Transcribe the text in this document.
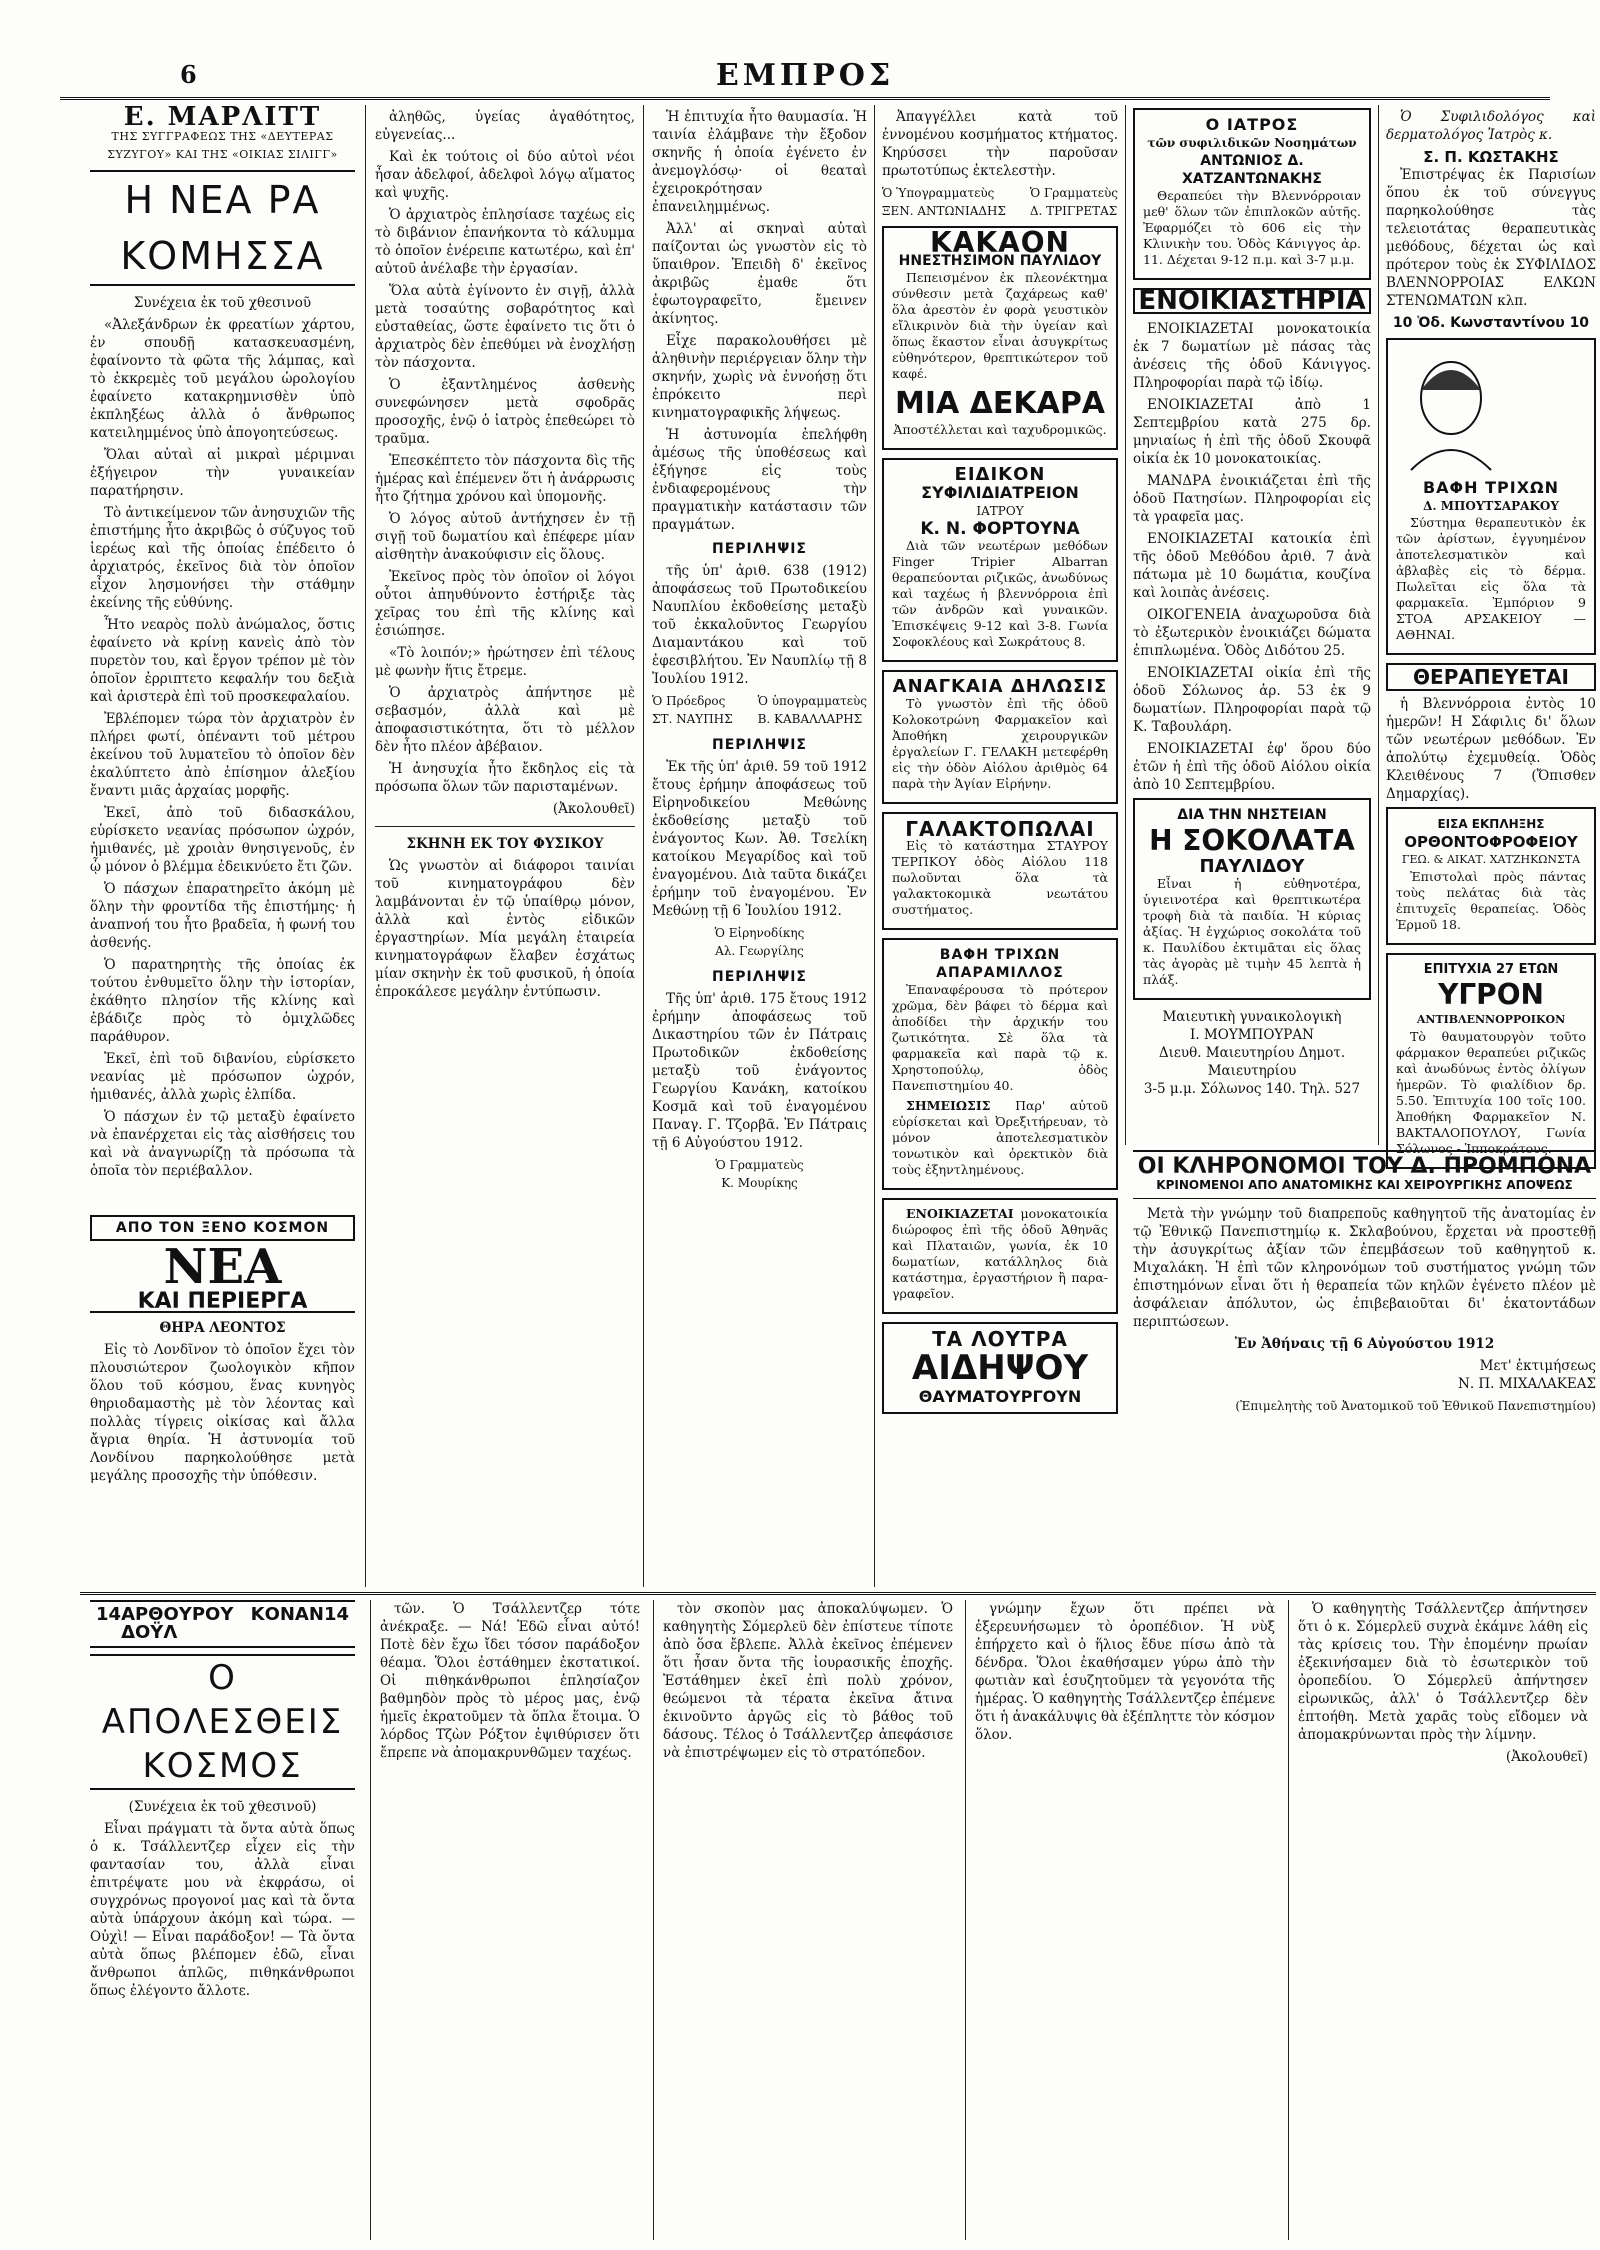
6	ΕΜΠΡΟΣ
Ε. ΜΑΡΛΙΤΤ
ΤΗΣ ΣΥΓΓΡΑΦΕΩΣ ΤΗΣ «ΔΕΥΤΕΡΑΣ ΣΥΖΥΓΟΥ» ΚΑΙ ΤΗΣ «ΟΙΚΙΑΣ ΣΙΛΙΓΓ»
Η ΝΕΑ ΡΑ ΚΟΜΗΣΣΑ

Συνέχεια ἐκ τοῦ χθεσινοῦ

«Ἀλεξάνδρων ἐκ φρεατίων χάρτου, ἐν σπουδῇ κατασκευασμένη, ἐφαίνοντο τὰ φῶτα τῆς λάμπας, καὶ τὸ ἐκκρεμὲς τοῦ μεγάλου ὡρολογίου ἐφαίνετο κατακρημνισθὲν ὑπὸ ἐκπληξέως ἀλλὰ ὁ ἄνθρωπος κατειλημμένος ὑπὸ ἀπογοητεύσεως.

Ὅλαι αὐταὶ αἱ μικραὶ μέριμναι ἐξήγειρον τὴν γυναικείαν παρατήρησιν.

Τὸ ἀντικείμενον τῶν ἀνησυχιῶν τῆς ἐπιστήμης ἦτο ἀκριβῶς ὁ σύζυγος τοῦ ἱερέως καὶ τῆς ὁποίας ἐπέδειτο ὁ ἀρχιατρός, ἐκεῖνος διὰ τὸν ὁποῖον εἶχον λησμονήσει τὴν στάθμην ἐκείνης τῆς εὐθύνης.

Ἦτο νεαρὸς πολὺ ἀνώμαλος, ὅστις ἐφαίνετο νὰ κρίνῃ κανεὶς ἀπὸ τὸν πυρετὸν του, καὶ ἔργον τρέπον μὲ τὸν ὁποῖον ἐρριπτετο κεφαλήν του δεξιὰ καὶ ἀριστερὰ ἐπὶ τοῦ προσκεφαλαίου.

Ἐβλέπομεν τώρα τὸν ἀρχιατρὸν ἐν πλήρει φωτί, ὀπέναντι τοῦ μέτρου ἐκείνου τοῦ λυματεῖου τὸ ὁποῖον δὲν ἐκαλύπτετο ἀπὸ ἐπίσημον ἀλεξίου ἔναντι μιᾶς ἀρχαίας μορφῆς.

Ἐκεῖ, ἀπὸ τοῦ διδασκάλου, εὑρίσκετο νεανίας πρόσωπον ὠχρόν, ἡμιθανές, μὲ χροιὰν θνησιγενοῦς, ἐν ᾧ μόνον ὁ βλέμμα ἐδεικνύετο ἔτι ζῶν.

Ὁ πάσχων ἐπαρατηρεῖτο ἀκόμη μὲ ὅλην τὴν φροντίδα τῆς ἐπιστήμης· ἡ ἀναπνοή του ἦτο βραδεῖα, ἡ φωνή του ἀσθενής.

Ὁ παρατηρητὴς τῆς ὁποίας ἐκ τούτου ἐνθυμεῖτο ὅλην τὴν ἱστορίαν, ἐκάθητο πλησίον τῆς κλίνης καὶ ἐβάδιζε πρὸς τὸ ὁμιχλῶδες παράθυρον.

Ἐκεῖ, ἐπὶ τοῦ διβανίου, εὑρίσκετο νεανίας μὲ πρόσωπον ὠχρόν, ἡμιθανές, ἀλλὰ χωρὶς ἐλπίδα.

Ὁ πάσχων ἐν τῷ μεταξὺ ἐφαίνετο νὰ ἐπανέρχεται εἰς τὰς αἰσθήσεις του καὶ νὰ ἀναγνωρίζῃ τὰ πρόσωπα τὰ ὁποῖα τὸν περιέβαλλον.

ΑΠΟ ΤΟΝ ΞΕΝΟ ΚΟΣΜΟΝ
ΝΕΑ
ΚΑΙ ΠΕΡΙΕΡΓΑ

ΘΗΡΑ ΛΕΟΝΤΟΣ

Εἰς τὸ Λονδῖνον τὸ ὁποῖον ἔχει τὸν πλουσιώτερον ζωολογικὸν κῆπον ὅλου τοῦ κόσμου, ἕνας κυνηγὸς θηριοδαμαστὴς μὲ τὸν λέοντας καὶ πολλὰς τίγρεις οἰκίσας καὶ ἄλλα ἄγρια θηρία. Ἡ ἀστυνομία τοῦ Λονδίνου παρηκολούθησε μετὰ μεγάλης προσοχῆς τὴν ὑπόθεσιν.

ἀληθῶς, ὑγείας ἀγαθότητος, εὐγενείας...

Καὶ ἐκ τούτοις οἱ δύο αὐτοὶ νέοι ἦσαν ἀδελφοί, ἀδελφοὶ λόγῳ αἵματος καὶ ψυχῆς.

Ὁ ἀρχιατρὸς ἐπλησίασε ταχέως εἰς τὸ διβάνιον ἐπανήκοντα τὸ κάλυμμα τὸ ὁποῖον ἐνέρειπε κατωτέρω, καὶ ἐπ' αὐτοῦ ἀνέλαβε τὴν ἐργασίαν.

Ὅλα αὐτὰ ἐγίνοντο ἐν σιγῇ, ἀλλὰ μετὰ τοσαύτης σοβαρότητος καὶ εὐσταθείας, ὥστε ἐφαίνετο τις ὅτι ὁ ἀρχιατρὸς δὲν ἐπεθύμει νὰ ἐνοχλήσῃ τὸν πάσχοντα.

Ὁ ἐξαντλημένος ἀσθενὴς συνεφώνησεν μετὰ σφοδρᾶς προσοχῆς, ἐνῷ ὁ ἰατρὸς ἐπεθεώρει τὸ τραῦμα.

Ἐπεσκέπτετο τὸν πάσχοντα δὶς τῆς ἡμέρας καὶ ἐπέμενεν ὅτι ἡ ἀνάρρωσις ἦτο ζήτημα χρόνου καὶ ὑπομονῆς.

Ὁ λόγος αὐτοῦ ἀντήχησεν ἐν τῇ σιγῇ τοῦ δωματίου καὶ ἐπέφερε μίαν αἰσθητὴν ἀνακούφισιν εἰς ὅλους.

Ἐκεῖνος πρὸς τὸν ὁποῖον οἱ λόγοι οὗτοι ἀπηυθύνοντο ἐστήριξε τὰς χεῖρας του ἐπὶ τῆς κλίνης καὶ ἐσιώπησε.

«Τὸ λοιπόν;» ἠρώτησεν ἐπὶ τέλους μὲ φωνὴν ἥτις ἔτρεμε.

Ὁ ἀρχιατρὸς ἀπήντησε μὲ σεβασμόν, ἀλλὰ καὶ μὲ ἀποφασιστικότητα, ὅτι τὸ μέλλον δὲν ἦτο πλέον ἀβέβαιον.

Ἡ ἀνησυχία ἦτο ἔκδηλος εἰς τὰ πρόσωπα ὅλων τῶν παρισταμένων.

(Ἀκολουθεῖ)

ΣΚΗΝΗ ΕΚ ΤΟΥ ΦΥΣΙΚΟΥ

Ὡς γνωστὸν αἱ διάφοροι ταινίαι τοῦ κινηματογράφου δὲν λαμβάνονται ἐν τῷ ὑπαίθρῳ μόνον, ἀλλὰ καὶ ἐντὸς εἰδικῶν ἐργαστηρίων. Μία μεγάλη ἑταιρεία κινηματογράφων ἔλαβεν ἐσχάτως μίαν σκηνὴν ἐκ τοῦ φυσικοῦ, ἡ ὁποία ἐπροκάλεσε μεγάλην ἐντύπωσιν.

Ἡ ἐπιτυχία ἦτο θαυμασία. Ἡ ταινία ἐλάμβανε τὴν ἔξοδον σκηνῆς ἡ ὁποία ἐγένετο ἐν ἀνεμογλόσῳ· οἱ θεαταὶ ἐχειροκρότησαν ἐπανειλημμένως.

Ἀλλ' αἱ σκηναὶ αὐταὶ παίζονται ὡς γνωστὸν εἰς τὸ ὕπαιθρον. Ἐπειδὴ δ' ἐκεῖνος ἀκριβῶς ἐμαθε ὅτι ἐφωτογραφεῖτο, ἔμεινεν ἀκίνητος.

Εἶχε παρακολουθήσει μὲ ἀληθινὴν περιέργειαν ὅλην τὴν σκηνήν, χωρὶς νὰ ἐννοήσῃ ὅτι ἐπρόκειτο περὶ κινηματογραφικῆς λήψεως.

Ἡ ἀστυνομία ἐπελήφθη ἀμέσως τῆς ὑποθέσεως καὶ ἐξήγησε εἰς τοὺς ἐνδιαφερομένους τὴν πραγματικὴν κατάστασιν τῶν πραγμάτων.

ΠΕΡΙΛΗΨΙΣ

τῆς ὑπ' ἀριθ. 638 (1912) ἀποφάσεως τοῦ Πρωτοδικείου Ναυπλίου ἐκδοθείσης μεταξὺ τοῦ ἐκκαλοῦντος Γεωργίου Διαμαντάκου καὶ τοῦ ἐφεσιβλήτου. Ἐν Ναυπλίῳ τῇ 8 Ἰουλίου 1912.

Ὁ Πρόεδρος
ΣΤ. ΝΑΥΠΗΣ
Ὁ ὑπογραμματεὺς
Β. ΚΑΒΑΛΛΑΡΗΣ

ΠΕΡΙΛΗΨΙΣ

Ἐκ τῆς ὑπ' ἀριθ. 59 τοῦ 1912 ἔτους ἐρήμην ἀποφάσεως τοῦ Εἰρηνοδικείου Μεθώνης ἐκδοθείσης μεταξὺ τοῦ ἐνάγοντος Κων. Ἀθ. Τσελίκη κατοίκου Μεγαρίδος καὶ τοῦ ἐναγομένου. Διὰ ταῦτα δικάζει ἐρήμην τοῦ ἐναγομένου. Ἐν Μεθώνῃ τῇ 6 Ἰουλίου 1912.

Ὁ Εἰρηνοδίκης
Αλ. Γεωργίλης

ΠΕΡΙΛΗΨΙΣ

Τῆς ὑπ' ἀριθ. 175 ἔτους 1912 ἐρήμην ἀποφάσεως τοῦ Δικαστηρίου τῶν ἐν Πάτραις Πρωτοδικῶν ἐκδοθείσης μεταξὺ τοῦ ἐνάγοντος Γεωργίου Κανάκη, κατοίκου Κοσμᾶ καὶ τοῦ ἐναγομένου Παναγ. Γ. Τζορβᾶ. Ἐν Πάτραις τῇ 6 Αὐγούστου 1912.

Ὁ Γραμματεὺς
Κ. Μουρίκης

Ἀπαγγέλλει κατὰ τοῦ ἐννομένου κοσμήματος κτήματος. Κηρύσσει τὴν παροῦσαν πρωτοτύπως ἐκτελεστὴν.

Ὁ Ὑπογραμματεὺς
ΞΕΝ. ΑΝΤΩΝΙΑΔΗΣ
Ὁ Γραμματεὺς
Δ. ΤΡΙΓΡΕΤΑΣ
ΚΑΚΑΟΝ
ΗΝΕΣΤΗΣΙΜΟΝ ΠΑΥΛΙΔΟΥ

Πεπεισμένον ἐκ πλεονέκτημα σύνθεσιν μετὰ ζαχάρεως καθ' ὅλα ἀρεστὸν ἐν φορὰ γευστικὸν εἴλικρινὸν διὰ τὴν ὑγείαν καὶ ὅπως ἕκαστον εἶναι ἀσυγκρίτως εὐθηνότερον, θρεπτικώτερον τοῦ καφέ.

ΜΙΑ ΔΕΚΑΡΑ

Ἀποστέλλεται καὶ ταχυδρομικῶς.

ΕΙΔΙΚΟΝ
ΣΥΦΙΛΙΔΙΑΤΡΕΙΟΝ
ΙΑΤΡΟΥ
Κ. Ν. ΦΟΡΤΟΥΝΑ

Διὰ τῶν νεωτέρων μεθόδων Finger Tripier Albarran θεραπεύονται ριζικῶς, ἀνωδύνως καὶ ταχέως ἡ βλεννόρροια ἐπὶ τῶν ἀνδρῶν καὶ γυναικῶν. Ἐπισκέψεις 9-12 καὶ 3-8. Γωνία Σοφοκλέους καὶ Σωκράτους 8.

ΑΝΑΓΚΑΙΑ ΔΗΛΩΣΙΣ

Τὸ γνωστὸν ἐπὶ τῆς ὁδοῦ Κολοκοτρώνη Φαρμακεῖον καὶ Ἀποθήκη χειρουργικῶν ἐργαλείων Γ. ΓΕΛΑΚΗ μετεφέρθη εἰς τὴν ὁδὸν Αἰόλου ἀριθμὸς 64 παρὰ τὴν Ἁγίαν Εἰρήνην.

ΓΑΛΑΚΤΟΠΩΛΑΙ

Εἰς τὸ κατάστημα ΣΤΑΥΡΟΥ ΤΕΡΠΚΟΥ ὁδὸς Αἰόλου 118 πωλοῦνται ὅλα τὰ γαλακτοκομικὰ νεωτάτου συστήματος.

ΒΑΦΗ ΤΡΙΧΩΝ ΑΠΑΡΑΜΙΛΛΟΣ

Ἐπαναφέρουσα τὸ πρότερον χρῶμα, δὲν βάφει τὸ δέρμα καὶ ἀποδίδει τὴν ἀρχικήν του ζωτικότητα. Σὲ ὅλα τὰ φαρμακεῖα καὶ παρὰ τῷ κ. Χρηστοπούλῳ, ὁδὸς Πανεπιστημίου 40.

ΣΗΜΕΙΩΣΙΣ Παρ' αὐτοῦ εὑρίσκεται καὶ Ὀρεξιτήρευαν, τὸ μόνον ἀποτελεσματικὸν τονωτικὸν καὶ ὀρεκτικὸν διὰ τοὺς ἐξηντλημένους.

ΕΝΟΙΚΙΑΖΕΤΑΙ μονοκατοικία διώροφος ἐπὶ τῆς ὁδοῦ Ἀθηνᾶς καὶ Πλαταιῶν, γωνία, ἐκ 10 δωματίων, κατάλληλος διὰ κατάστημα, ἐργαστήριον ἢ παρα-γραφεῖον.

ΤΑ ΛΟΥΤΡΑ
ΑΙΔΗΨΟΥ
ΘΑΥΜΑΤΟΥΡΓΟΥΝ
Ο ΙΑΤΡΟΣ
τῶν συφιλιδικῶν Νοσημάτων
ΑΝΤΩΝΙΟΣ Δ. ΧΑΤΖΑΝΤΩΝΑΚΗΣ

Θεραπεύει τὴν Βλεννόρροιαν μεθ' ὅλων τῶν ἐπιπλοκῶν αὐτῆς. Ἐφαρμόζει τὸ 606 εἰς τὴν Κλινικὴν του. Ὁδὸς Κάνιγγος ἀρ. 11. Δέχεται 9-12 π.μ. καὶ 3-7 μ.μ.

ΕΝΟΙΚΙΑΣΤΗΡΙΑ

ΕΝΟΙΚΙΑΖΕΤΑΙ μονοκατοικία ἐκ 7 δωματίων μὲ πάσας τὰς ἀνέσεις τῆς ὁδοῦ Κάνιγγος. Πληροφορίαι παρὰ τῷ ἰδίῳ.

ΕΝΟΙΚΙΑΖΕΤΑΙ ἀπὸ 1 Σεπτεμβρίου κατὰ 275 δρ. μηνιαίως ἡ ἐπὶ τῆς ὁδοῦ Σκουφᾶ οἰκία ἐκ 10 μονοκατοικίας.

ΜΑΝΔΡΑ ἐνοικιάζεται ἐπὶ τῆς ὁδοῦ Πατησίων. Πληροφορίαι εἰς τὰ γραφεῖα μας.

ΕΝΟΙΚΙΑΖΕΤΑΙ κατοικία ἐπὶ τῆς ὁδοῦ Μεθόδου ἀριθ. 7 ἀνὰ πάτωμα μὲ 10 δωμάτια, κουζίνα καὶ λοιπὰς ἀνέσεις.

ΟΙΚΟΓΕΝΕΙΑ ἀναχωροῦσα διὰ τὸ ἐξωτερικὸν ἐνοικιάζει δώματα ἐπιπλωμένα. Ὁδὸς Διδότου 25.

ΕΝΟΙΚΙΑΖΕΤΑΙ οἰκία ἐπὶ τῆς ὁδοῦ Σόλωνος ἀρ. 53 ἐκ 9 δωματίων. Πληροφορίαι παρὰ τῷ Κ. Ταβουλάρη.

ΕΝΟΙΚΙΑΖΕΤΑΙ ἐφ' ὅρου δύο ἐτῶν ἡ ἐπὶ τῆς ὁδοῦ Αἰόλου οἰκία ἀπὸ 10 Σεπτεμβρίου.

ΔΙΑ ΤΗΝ ΝΗΣΤΕΙΑΝ
Η ΣΟΚΟΛΑΤΑ
ΠΑΥΛΙΔΟΥ

Εἶναι ἡ εὐθηνοτέρα, ὑγιεινοτέρα καὶ θρεπτικωτέρα τροφὴ διὰ τὰ παιδία. Ἡ κύριας ἀξίας. Ἡ ἐγχώριος σοκολάτα τοῦ κ. Παυλίδου ἐκτιμᾶται εἰς ὅλας τὰς ἀγορὰς μὲ τιμὴν 45 λεπτὰ ἡ πλάξ.

Μαιευτικὴ γυναικολογικὴ
Ι. ΜΟΥΜΠΟΥΡΑΝ
Διευθ. Μαιευτηρίου Δημοτ. Μαιευτηρίου
3-5 μ.μ. Σόλωνος 140. Τηλ. 527

Ὁ Συφιλιδολόγος καὶ δερματολόγος Ἰατρὸς κ.

Σ. Π. ΚΩΣΤΑΚΗΣ

Ἐπιστρέψας ἐκ Παρισίων ὅπου ἐκ τοῦ σύνεγγυς παρηκολούθησε τὰς τελειοτάτας θεραπευτικὰς μεθόδους, δέχεται ὡς καὶ πρότερον τοὺς ἐκ ΣΥΦΙΛΙΔΟΣ ΒΛΕΝΝΟΡΡΟΙΑΣ ΕΛΚΩΝ ΣΤΕΝΩΜΑΤΩΝ κλπ.

10 Ὁδ. Κωνσταντίνου 10
ΒΑΦΗ ΤΡΙΧΩΝ
Δ. ΜΠΟΥΤΣΑΡΑΚΟΥ

Σύστημα θεραπευτικὸν ἐκ τῶν ἀρίστων, ἐγγυημένον ἀποτελεσματικὸν καὶ ἀβλαβὲς εἰς τὸ δέρμα. Πωλεῖται εἰς ὅλα τὰ φαρμακεῖα. Ἐμπόριον 9 ΣΤΟΑ ΑΡΣΑΚΕΙΟΥ — ΑΘΗΝΑΙ.

ΘΕΡΑΠΕΥΕΤΑΙ

ἡ Βλεννόρροια ἐντὸς 10 ἡμερῶν! Η Σάφιλις δι' ὅλων τῶν νεωτέρων μεθόδων. Ἐν ἀπολύτῳ ἐχεμυθείᾳ. Ὁδὸς Κλειθένους 7 (Ὄπισθεν Δημαρχίας).

ΕΙΣΑ ΕΚΠΛΗΞΗΣ
ΟΡΘΟΝΤΟΦΡΟΦΕΙΟΥ
ΓΕΩ. & ΑΙΚΑΤ. ΧΑΤΖΗΚΩΝΣΤΑ

Ἐπιστολαὶ πρὸς πάντας τοὺς πελάτας διὰ τὰς ἐπιτυχεῖς θεραπείας. Ὁδὸς Ἑρμοῦ 18.

ΕΠΙΤΥΧΙΑ 27 ΕΤΩΝ
ΥΓΡΟΝ
ΑΝΤΙΒΛΕΝΝΟΡΡΟΙΚΟΝ

Τὸ θαυματουργὸν τοῦτο φάρμακον θεραπεύει ριζικῶς καὶ ἀνωδύνως ἐντὸς ὀλίγων ἡμερῶν. Τὸ φιαλίδιον δρ. 5.50. Ἐπιτυχία 100 τοῖς 100. Ἀποθήκη Φαρμακεῖον Ν. ΒΑΚΤΑΛΟΠΟΥΛΟΥ, Γωνία Σόλωνος - Ἱπποκράτους.

ΟΙ ΚΛΗΡΟΝΟΜΟΙ ΤΟΥ Δ. ΠΡΟΜΠΟΝΑ
ΚΡΙΝΟΜΕΝΟΙ ΑΠΟ ΑΝΑΤΟΜΙΚΗΣ ΚΑΙ ΧΕΙΡΟΥΡΓΙΚΗΣ ΑΠΟΨΕΩΣ

Μετὰ τὴν γνώμην τοῦ διαπρεποῦς καθηγητοῦ τῆς ἀνατομίας ἐν τῷ Ἐθνικῷ Πανεπιστημίῳ κ. Σκλαβούνου, ἔρχεται νὰ προστεθῇ τὴν ἀσυγκρίτως ἀξίαν τῶν ἐπεμβάσεων τοῦ καθηγητοῦ κ. Μιχαλάκη. Ἡ ἐπὶ τῶν κληρονόμων τοῦ συστήματος γνώμη τῶν ἐπιστημόνων εἶναι ὅτι ἡ θεραπεία τῶν κηλῶν ἐγένετο πλέον μὲ ἀσφάλειαν ἀπόλυτον, ὡς ἐπιβεβαιοῦται δι' ἑκατοντάδων περιπτώσεων.

Ἐν Ἀθήναις τῇ 6 Αὐγούστου 1912

Μετ' ἐκτιμήσεως
Ν. Π. ΜΙΧΑΛΑΚΕΑΣ

(Ἐπιμελητὴς τοῦ Ἀνατομικοῦ τοῦ Ἐθνικοῦ Πανεπιστημίου)

14 ΑΡΘΟΥΡΟΥ ΚΟΝΑΝ ΔΟΫΛ
14
Ο ΑΠΟΛΕΣΘΕΙΣ ΚΟΣΜΟΣ

(Συνέχεια ἐκ τοῦ χθεσινοῦ)

Εἶναι πράγματι τὰ ὄντα αὐτὰ ὅπως ὁ κ. Τσάλλεντζερ εἶχεν εἰς τὴν φαντασίαν του, ἀλλὰ εἶναι ἐπιτρέψατε μου νὰ ἐκφράσω, οἱ συγχρόνως προγονοί μας καὶ τὰ ὄντα αὐτὰ ὑπάρχουν ἀκόμη καὶ τώρα. — Οὐχὶ! — Εἶναι παράδοξον! — Τὰ ὄντα αὐτὰ ὅπως βλέπομεν ἐδῶ, εἶναι ἄνθρωποι ἀπλῶς, πιθηκάνθρωποι ὅπως ἐλέγοντο ἄλλοτε.

τῶν. Ὁ Τσάλλεντζερ τότε ἀνέκραξε. — Νά! Ἐδῶ εἶναι αὐτό! Ποτὲ δὲν ἔχω ἴδει τόσον παράδοξον θέαμα. Ὅλοι ἐστάθημεν ἐκστατικοί. Οἱ πιθηκάνθρωποι ἐπλησίαζον βαθμηδὸν πρὸς τὸ μέρος μας, ἐνῷ ἡμεῖς ἐκρατοῦμεν τὰ ὅπλα ἕτοιμα. Ὁ λόρδος Τζὼν Ρόξτον ἐψιθύρισεν ὅτι ἔπρεπε νὰ ἀπομακρυνθῶμεν ταχέως.

τὸν σκοπὸν μας ἀποκαλύψωμεν. Ὁ καθηγητὴς Σόμερλεϋ δὲν ἐπίστευε τίποτε ἀπὸ ὅσα ἔβλεπε. Ἀλλὰ ἐκεῖνος ἐπέμενεν ὅτι ἦσαν ὄντα τῆς ἰουρασικῆς ἐποχῆς. Ἐστάθημεν ἐκεῖ ἐπὶ πολὺ χρόνον, θεώμενοι τὰ τέρατα ἐκεῖνα ἄτινα ἐκινοῦντο ἀργῶς εἰς τὸ βάθος τοῦ δάσους. Τέλος ὁ Τσάλλεντζερ ἀπεφάσισε νὰ ἐπιστρέψωμεν εἰς τὸ στρατόπεδον.

γνώμην ἔχων ὅτι πρέπει νὰ ἐξερευνήσωμεν τὸ ὀροπέδιον. Ἡ νὺξ ἐπήρχετο καὶ ὁ ἥλιος ἔδυε πίσω ἀπὸ τὰ δένδρα. Ὅλοι ἐκαθήσαμεν γύρω ἀπὸ τὴν φωτιὰν καὶ ἐσυζητοῦμεν τὰ γεγονότα τῆς ἡμέρας. Ὁ καθηγητὴς Τσάλλεντζερ ἐπέμενε ὅτι ἡ ἀνακάλυψις θὰ ἐξέπληττε τὸν κόσμον ὅλον.

Ὁ καθηγητὴς Τσάλλεντζερ ἀπήντησεν ὅτι ὁ κ. Σόμερλεϋ συχνὰ ἐκάμνε λάθη εἰς τὰς κρίσεις του. Τὴν ἑπομένην πρωίαν ἐξεκινήσαμεν διὰ τὸ ἐσωτερικὸν τοῦ ὀροπεδίου. Ὁ Σόμερλεϋ ἀπήντησεν εἰρωνικῶς, ἀλλ' ὁ Τσάλλεντζερ δὲν ἐπτοήθη. Μετὰ χαρᾶς τοὺς εἴδομεν νὰ ἀπομακρύνωνται πρὸς τὴν λίμνην.

(Ἀκολουθεῖ)
